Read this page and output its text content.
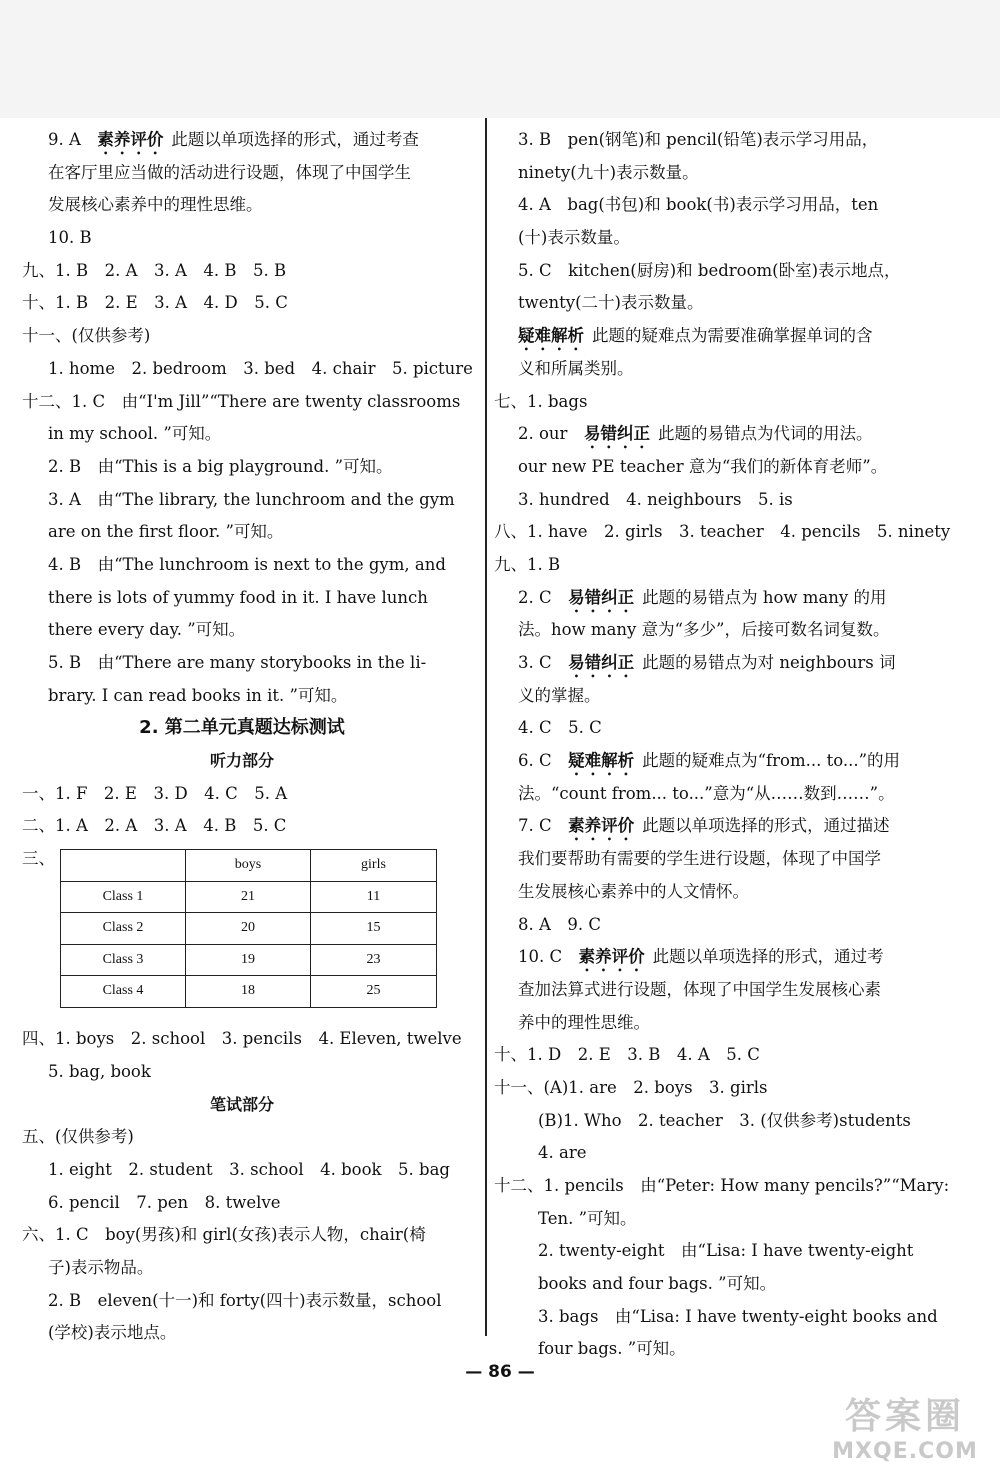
9. A　 素养评价 此题以单项选择的形式，通过考查
在客厅里应当做的活动进行设题，体现了中国学生
发展核心素养中的理性思维。
10. B
九、1. B　2. A　3. A　4. B　5. B
十、1. B　2. E　3. A　4. D　5. C
十一、(仅供参考)
1. home　2. bedroom　3. bed　4. chair　5. picture
十二、1. C　由“I'm Jill”“There are twenty classrooms
in my school. ”可知。
2. B　由“This is a big playground. ”可知。
3. A　由“The library, the lunchroom and the gym
are on the first floor. ”可知。
4. B　由“The lunchroom is next to the gym, and
there is lots of yummy food in it. I have lunch
there every day. ”可知。
5. B　由“There are many storybooks in the li-
brary. I can read books in it. ”可知。
2. 第二单元真题达标测试
听力部分
一、1. F　2. E　3. D　4. C　5. A
二、1. A　2. A　3. A　4. B　5. C
三、
		boys	girls
Class 1	21	11
Class 2	20	15
Class 3	19	23
Class 4	18	25
四、1. boys　2. school　3. pencils　4. Eleven, twelve
5. bag, book
笔试部分
五、(仅供参考)
1. eight　2. student　3. school　4. book　5. bag
6. pencil　7. pen　8. twelve
六、1. C　boy(男孩)和 girl(女孩)表示人物，chair(椅
子)表示物品。
2. B　eleven(十一)和 forty(四十)表示数量，school
(学校)表示地点。
3. B　pen(钢笔)和 pencil(铅笔)表示学习用品，
ninety(九十)表示数量。
4. A　bag(书包)和 book(书)表示学习用品，ten
(十)表示数量。
5. C　kitchen(厨房)和 bedroom(卧室)表示地点，
twenty(二十)表示数量。
疑难解析 此题的疑难点为需要准确掌握单词的含
义和所属类别。
七、1. bags
2. our　 易错纠正 此题的易错点为代词的用法。
our new PE teacher 意为“我们的新体育老师”。
3. hundred　4. neighbours　5. is
八、1. have　2. girls　3. teacher　4. pencils　5. ninety
九、1. B
2. C　 易错纠正 此题的易错点为 how many 的用
法。how many 意为“多少”，后接可数名词复数。
3. C　 易错纠正 此题的易错点为对 neighbours 词
义的掌握。
4. C　5. C
6. C　 疑难解析 此题的疑难点为“from... to...”的用
法。“count from... to...”意为“从……数到……”。
7. C　 素养评价 此题以单项选择的形式，通过描述
我们要帮助有需要的学生进行设题，体现了中国学
生发展核心素养中的人文情怀。
8. A　9. C
10. C　 素养评价 此题以单项选择的形式，通过考
查加法算式进行设题，体现了中国学生发展核心素
养中的理性思维。
十、1. D　2. E　3. B　4. A　5. C
十一、(A)1. are　2. boys　3. girls
(B)1. Who　2. teacher　3. (仅供参考)students
4. are
十二、1. pencils　由“Peter: How many pencils?”“Mary:
Ten. ”可知。
2. twenty-eight　由“Lisa: I have twenty-eight
books and four bags. ”可知。
3. bags　由“Lisa: I have twenty-eight books and
four bags. ”可知。
— 86 —
答案圈
MXQE.COM
